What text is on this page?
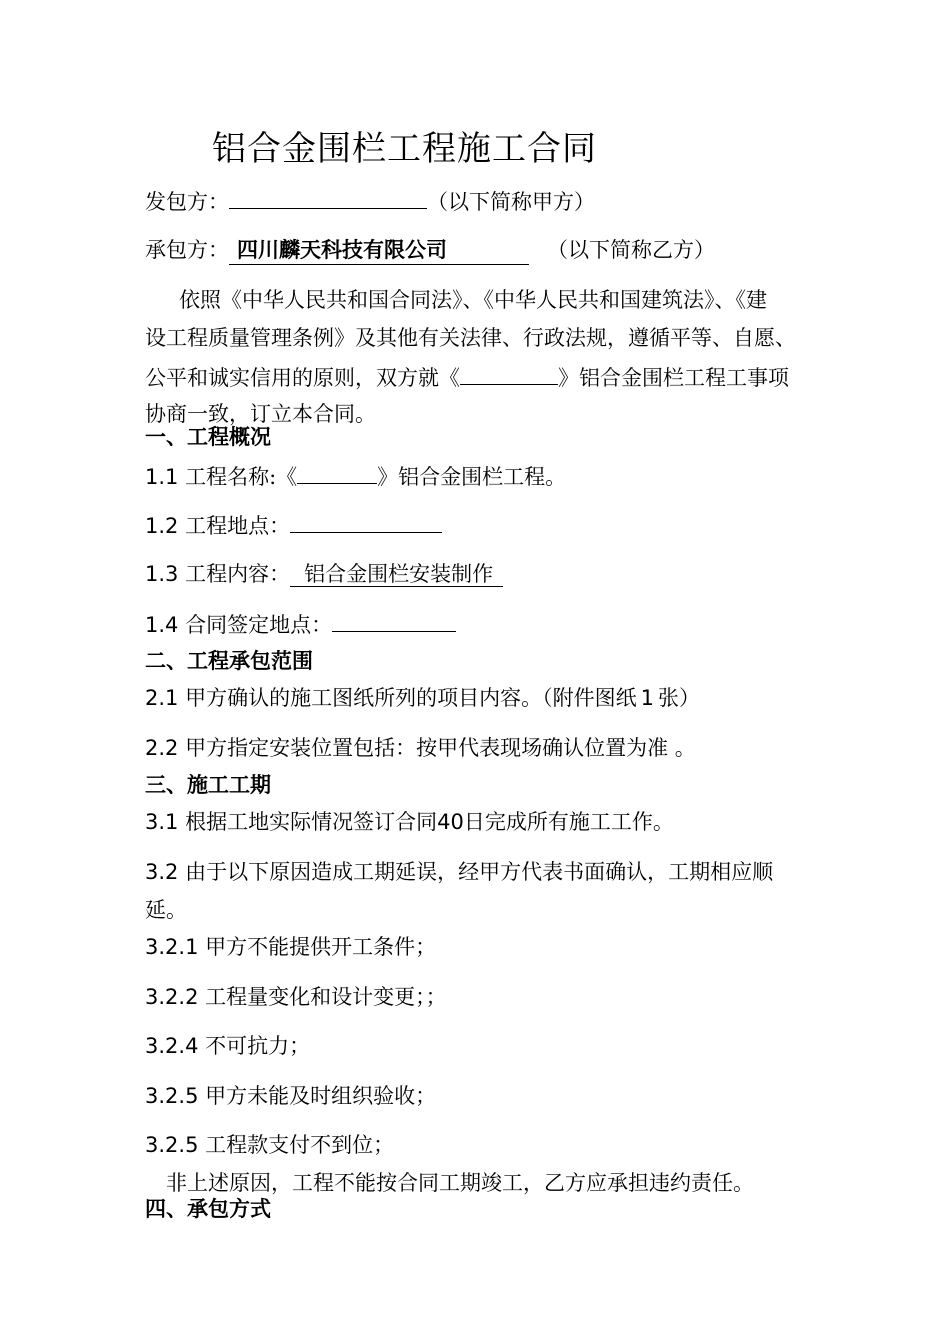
铝合金围栏工程施工合同
发包方：	（以下简称甲方）
承包方： 四川麟天科技有限公司	（以下简称乙方）
依照《中华人民共和国合同法》、《中华人民共和国建筑法》、《建
设工程质量管理条例》及其他有关法律、行政法规，遵循平等、自愿、
公平和诚实信用的原则，双方就《	》铝合金围栏工程工事项
协商一致，订立本合同。
一、工程概况
1.1 工程名称:《	》铝合金围栏工程。
1.2 工程地点：
1.3 工程内容： 铝合金围栏安装制作
1.4 合同签定地点：
二、工程承包范围
2.1 甲方确认的施工图纸所列的项目内容。（附件图纸 1 张）
2.2 甲方指定安装位置包括：按甲代表现场确认位置为准 。
三、施工工期
3.1 根据工地实际情况签订合同40日完成所有施工工作。
3.2 由于以下原因造成工期延误，经甲方代表书面确认，工期相应顺
延。
3.2.1 甲方不能提供开工条件；
3.2.2 工程量变化和设计变更；；
3.2.4 不可抗力；
3.2.5 甲方未能及时组织验收；
3.2.5 工程款支付不到位；
非上述原因，工程不能按合同工期竣工，乙方应承担违约责任。
四、承包方式
